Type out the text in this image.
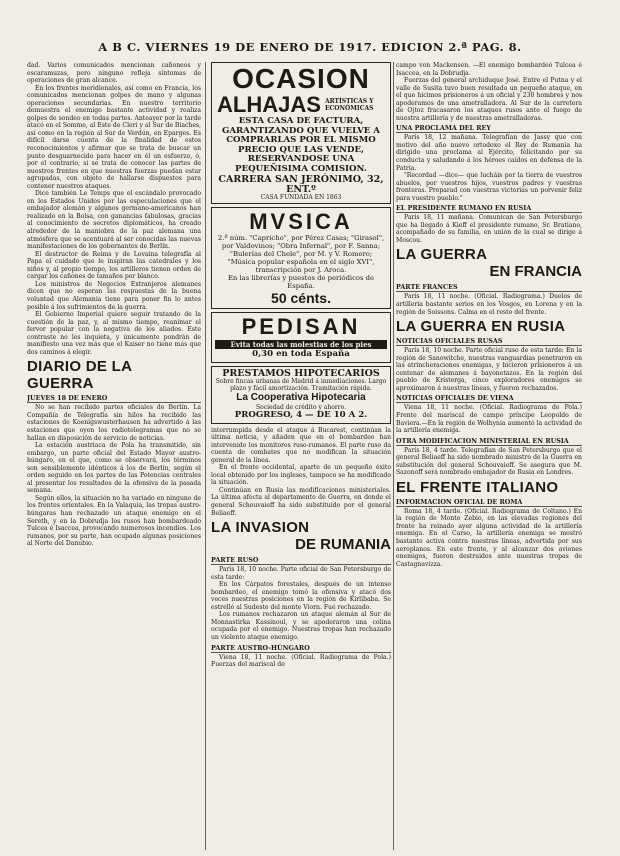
A B C. VIERNES 19 DE ENERO DE 1917. EDICION 2.ª PAG. 8.

dad. Varios comunicados mencionan cañoneos y escaramuzas, pero ninguno refleja síntomas de operaciones de gran alcance.

En los frentes meridionales, así como en Francia, los comunicados mencionan golpes de mano y algunas operaciones secundarias. En nuestro territorio demuestra el enemigo bastante actividad y realiza golpes de sondeo en todas partes. Anteayer por la tarde atacó en el Somme, al Este de Cleri y al Sur de Biaches, así como en la región al Sur de Verdún, en Eparges. Es difícil darse cuenta de la finalidad de estos reconocimientos y afirmar que se trata de buscar un punto desguarnecido para hacer en él un esfuerzo, ó, por el contrario, si se trata de conocer las partes de nuestros frentes en que nuestras fuerzas puedan estar agrupadas, con objeto de hallarse dispuestos para contener nuestros ataques.

Dice también Le Temps que el escándalo provocado en los Estados Unidos por las especulaciones que el embajador alemán y algunos germano-americanos han realizado en la Bolsa, con ganancias fabulosas, gracias al conocimiento de secretos diplomáticos, ha creado alrededor de la maniobra de la paz alemana una atmósfera que se acentuará al ser conocidas las nuevas manifestaciones de los gobernantes de Berlín.

El destructor de Reims y de Lovaina telegrafía al Papa el cuidado que le inspiran las catedrales y los niños y, al propio tiempo, los artilleros tienen orden de cargar los cañones de tamaños por blanco.

Los ministros de Negocios Extranjeros alemanes dicen que no esperan las respuestas de la buena voluntad que Alemania tiene para poner fin lo antes posible á los sufrimientos de la guerra.

El Gobierno Imperial quiere seguir tratando de la cuestión de la paz, y, al mismo tiempo, reanimar el fervor popular con la negativa de los aliados. Este contraste no les inquieta, y únicamente pondrán de manifiesto una vez más que el Kaiser no tiene más que dos caminos á elegir.

DIARIO DE LA GUERRA
JUEVES 18 DE ENERO

No se han recibido partes oficiales de Berlín. La Compañía de Telegrafía sin hilos ha recibido las estaciones de Koenigswusterhausen ha advertido á las estaciones que oyen los radiotelegramas que no se hallan en disposición de servicio de noticias.

La estación austriaca de Pola ha transmitido, sin embargo, un parte oficial del Estado Mayor austro-húngaro, en el que, como se observará, los términos son sensiblemente idénticos á los de Berlín, según el orden seguido en los partes de las Potencias centrales al presentar los resultados de la ofensiva de la pasada semana.

Según ellos, la situación no ha variado en ninguno de los frentes orientales. En la Valaquia, las tropas austro-húngaras han rechazado un ataque enemigo en el Sereth, y en la Dobrudja los rusos han bombardeado Tulcea é Isaccea, provocando numerosos incendios. Los rumanos, por su parte, han ocupado algunas posiciones al Norte del Danubio.

OCASION
ALHAJAS ARTÍSTICAS Y ECONÓMICAS

ESTA CASA DE FACTURA, GARANTIZANDO QUE VUELVE A COMPRARLAS POR EL MISMO PRECIO QUE LAS VENDE, RESERVANDOSE UNA PEQUEÑISIMA COMISION.

CARRERA SAN JERÓNIMO, 32, ENT.º

CASA FUNDADA EN 1863

MVSICA

2.ª núm. "Capricho", por Pérez Casas; "Girasol", por Valdovinos; "Obra Infernal", por F. Sanna; "Bulerías del Chele", por M. y V. Romero; "Música popular española en el siglo XVI", transcripción por J. Aroca.

En las librerías y puestos de periódicos de España.

50 cénts.
PEDISAN
Evita todas las molestias de los pies

0,30 en toda España

PRESTAMOS HIPOTECARIOS

Sobre fincas urbanas de Madrid á inmediaciones. Largo plazo y fácil amortización. Tramitación rápida.

La Cooperativa Hipotecaria

Sociedad de crédito y ahorro.

PROGRESO, 4 — DE 10 A 2.

interrumpida desde el ataque á Bucarest, continúan la última noticia, y añaden que en el bombardeo han intervenido los monitores ruso-rumanos. El parte ruso da cuenta de combates que no modifican la situación general de la línea.

En el frente occidental, aparte de un pequeño éxito local obtenido por los ingleses, tampoco se ha modificado la situación.

Continúan en Rusia las modificaciones ministeriales. La última afecta al departamento de Guerra, en donde el general Schouvaieff ha sido substituido por el general Beliaeff.

LA INVASION
DE RUMANIA
PARTE RUSO

París 18, 10 noche. Parte oficial de San Petersburgo de esta tarde:

En los Cárpatos forestales, después de un intenso bombardeo, el enemigo tomó la ofensiva y atacó dos veces nuestras posiciones en la región de Kirlibaba. Se estrelló al Sudeste del monte Viorn. Fué rechazado.

Los rumanos rechazaron un ataque alemán al Sur de Monnastirka Kassinoul, y se apoderaron una colina ocupada por el enemigo. Nuestras tropas han rechazado un violento ataque enemigo.

PARTE AUSTRO-HÚNGARO

Viena 18, 11 noche. (Oficial. Radiograma de Pola.) Fuerzas del mariscal de

campo von Mackensen. —El enemigo bombardeó Tulcea é Isaccea, en la Dobrudja.

Fuerzas del general archiduque José. Entre el Putna y el valle de Susita tuvo buen resultado un pequeño ataque, en el que hicimos prisioneros á un oficial y 230 hombres y nos apoderamos de una ametralladora. Al Sur de la carretera de Ojtoz fracasaron los ataques rusos ante el fuego de nuestra artillería y de nuestras ametralladoras.

UNA PROCLAMA DEL REY

París 18, 12 mañana. Telegrafían de Jassy que con motivo del año nuevo ortodoxo el Rey de Rumania ha dirigido una proclama al Ejército, felicitando por su conducta y saludando á los héroes caídos en defensa de la Patria.

"Recordad —dice— que lucháis por la tierra de vuestros abuelos, por vuestros hijos, vuestros padres y vuestras fronteras. Preparad con vuestras victorias un porvenir feliz para vuestro pueblo."

EL PRESIDENTE RUMANO EN RUSIA

París 18, 11 mañana. Comunican de San Petersburgo que ha llegado á Kieff el presidente rumano, Sr. Bratiano, acompañado de su familia, en unión de la cual se dirige á Moscou.

LA GUERRA
EN FRANCIA
PARTE FRANCES

París 18, 11 noche. (Oficial. Radiograma.) Duelos de artillería bastante serios en los Vosgos, en Lorena y en la región de Soissons. Calma en el resto del frente.

LA GUERRA EN RUSIA
NOTICIAS OFICIALES RUSAS

París 18, 10 noche. Parte oficial ruso de esta tarde: En la región de Sanowitche, nuestras vanguardias penetraron en las atrincheraciones enemigas, y hicieron prisioneros á un centenar de alemanes á bayonetazos. En la región del pueblo de Kristerga, cinco exploradores enemigos se aproximaron á nuestras líneas, y fueron rechazados.

NOTICIAS OFICIALES DE VIENA

Viena 18, 11 noche. (Oficial. Radiograma de Pola.) Frente del mariscal de campo príncipe Leopoldo de Baviera.—En la región de Wolhynia aumentó la actividad de la artillería enemiga.

OTRA MODIFICACION MINISTERIAL EN RUSIA

París 18, 4 tarde. Telegrafían de San Petersburgo que el general Beliaeff ha sido nombrado ministro de la Guerra en substitución del general Schouvaieff. Se asegura que M. Sazonoff será nombrado embajador de Rusia en Londres.

EL FRENTE ITALIANO
INFORMACION OFICIAL DE ROMA

Roma 18, 4 tarde. (Oficial. Radiograma de Coltano.) En la región de Monte Zebio, en las elevadas regiones del frente ha reinado ayer alguna actividad de la artillería enemiga. En el Carso, la artillería enemiga se mostró bastante activa contra nuestras líneas, advertida por sus aeroplanos. En este frente, y al alcanzar dos aviones enemigos, fueron destruidos ante nuestras tropas de Castagnavizza.
